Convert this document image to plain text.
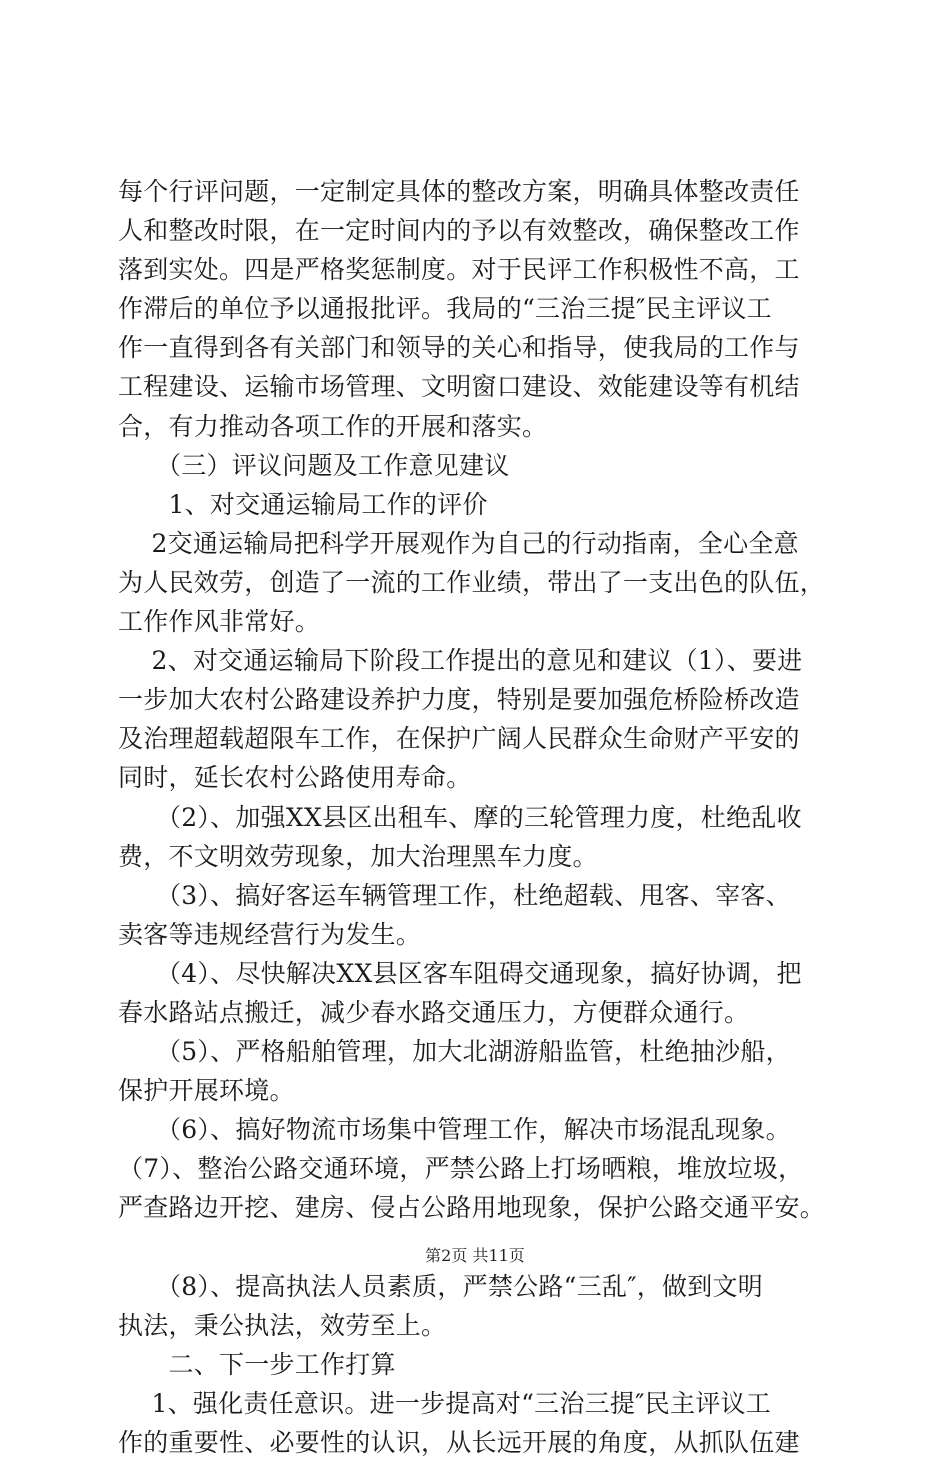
每个行评问题，一定制定具体的整改方案，明确具体整改责任
人和整改时限，在一定时间内的予以有效整改，确保整改工作
落到实处。四是严格奖惩制度。对于民评工作积极性不高，工
作滞后的单位予以通报批评。我局的“三治三提″民主评议工
作一直得到各有关部门和领导的关心和指导，使我局的工作与
工程建设、运输市场管理、文明窗口建设、效能建设等有机结
合，有力推动各项工作的开展和落实。
　　（三）评议问题及工作意见建议
　　1、对交通运输局工作的评价
　 2交通运输局把科学开展观作为自己的行动指南，全心全意
为人民效劳，创造了一流的工作业绩，带出了一支出色的队伍，
工作作风非常好。
　 2、对交通运输局下阶段工作提出的意见和建议（1）、要进
一步加大农村公路建设养护力度，特别是要加强危桥险桥改造
及治理超载超限车工作，在保护广阔人民群众生命财产平安的
同时，延长农村公路使用寿命。
　　（2）、加强XX县区出租车、摩的三轮管理力度，杜绝乱收
费，不文明效劳现象，加大治理黑车力度。
　　（3）、搞好客运车辆管理工作，杜绝超载、甩客、宰客、
卖客等违规经营行为发生。
　　（4）、尽快解决XX县区客车阻碍交通现象，搞好协调，把
春水路站点搬迁，减少春水路交通压力，方便群众通行。
　　（5）、严格船舶管理，加大北湖游船监管，杜绝抽沙船，
保护开展环境。
　　（6）、搞好物流市场集中管理工作，解决市场混乱现象。
（7）、整治公路交通环境，严禁公路上打场晒粮，堆放垃圾，
严查路边开挖、建房、侵占公路用地现象，保护公路交通平安。
　　（8）、提高执法人员素质，严禁公路“三乱″，做到文明
执法，秉公执法，效劳至上。
　　二、下一步工作打算
　 1、强化责任意识。进一步提高对“三治三提″民主评议工
作的重要性、必要性的认识，从长远开展的角度，从抓队伍建
第2页 共11页
